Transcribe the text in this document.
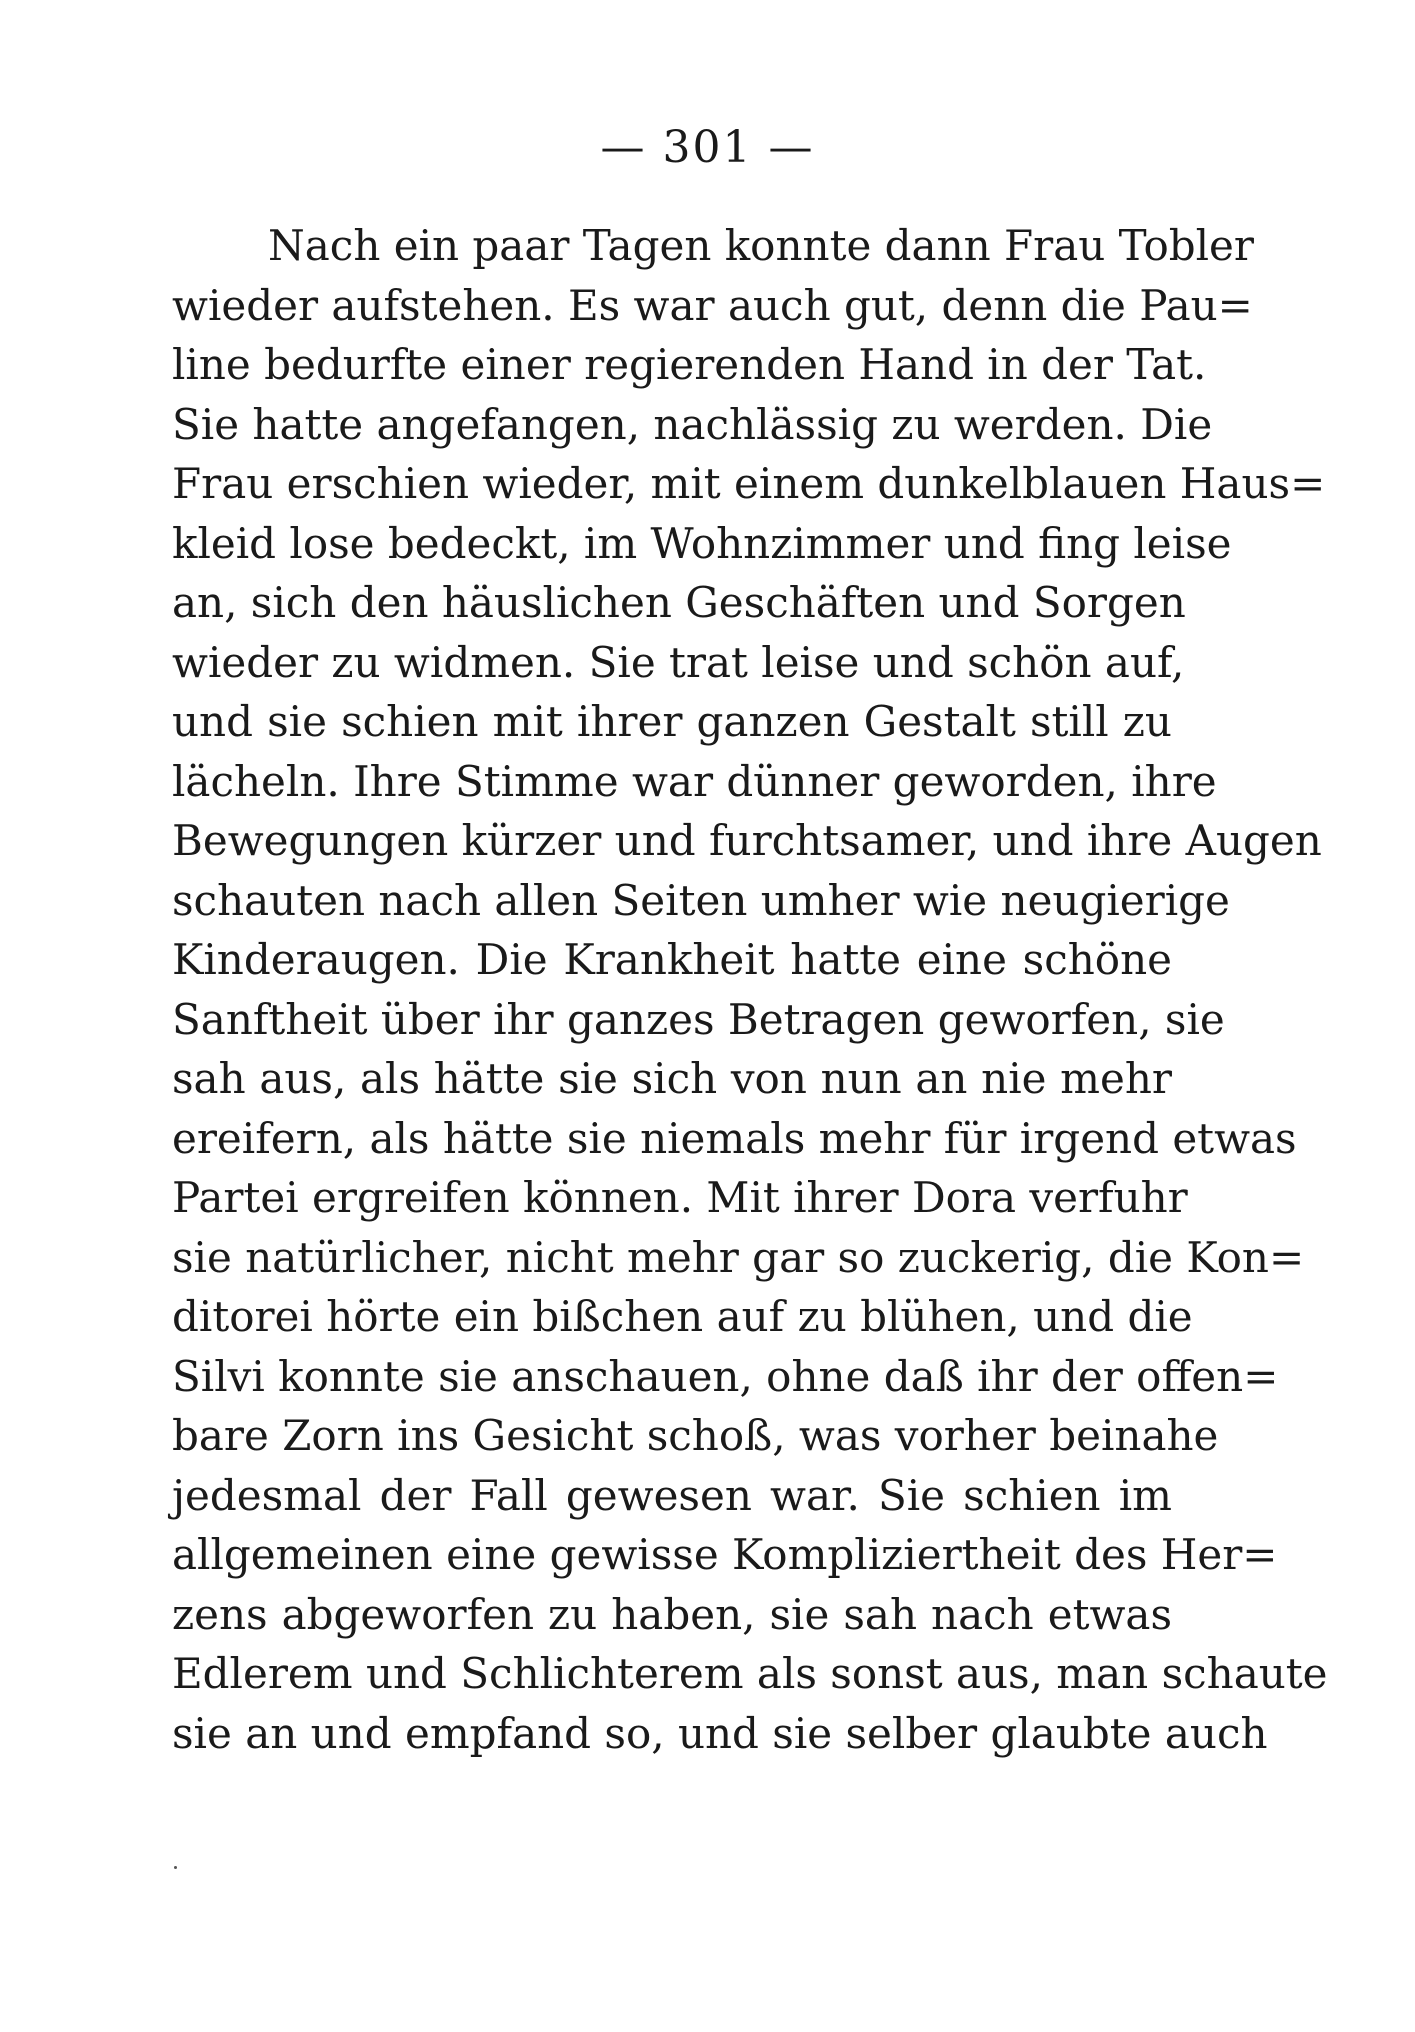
— 301 —
Nach ein paar Tagen konnte dann Frau Tobler
wieder aufstehen. Es war auch gut, denn die Pau=
line bedurfte einer regierenden Hand in der Tat.
Sie hatte angefangen, nachlässig zu werden. Die
Frau erschien wieder, mit einem dunkelblauen Haus=
kleid lose bedeckt, im Wohnzimmer und fing leise
an, sich den häuslichen Geschäften und Sorgen
wieder zu widmen. Sie trat leise und schön auf,
und sie schien mit ihrer ganzen Gestalt still zu
lächeln. Ihre Stimme war dünner geworden, ihre
Bewegungen kürzer und furchtsamer, und ihre Augen
schauten nach allen Seiten umher wie neugierige
Kinderaugen. Die Krankheit hatte eine schöne
Sanftheit über ihr ganzes Betragen geworfen, sie
sah aus, als hätte sie sich von nun an nie mehr
ereifern, als hätte sie niemals mehr für irgend etwas
Partei ergreifen können. Mit ihrer Dora verfuhr
sie natürlicher, nicht mehr gar so zuckerig, die Kon=
ditorei hörte ein bißchen auf zu blühen, und die
Silvi konnte sie anschauen, ohne daß ihr der offen=
bare Zorn ins Gesicht schoß, was vorher beinahe
jedesmal der Fall gewesen war. Sie schien im
allgemeinen eine gewisse Kompliziertheit des Her=
zens abgeworfen zu haben, sie sah nach etwas
Edlerem und Schlichterem als sonst aus, man schaute
sie an und empfand so, und sie selber glaubte auch
